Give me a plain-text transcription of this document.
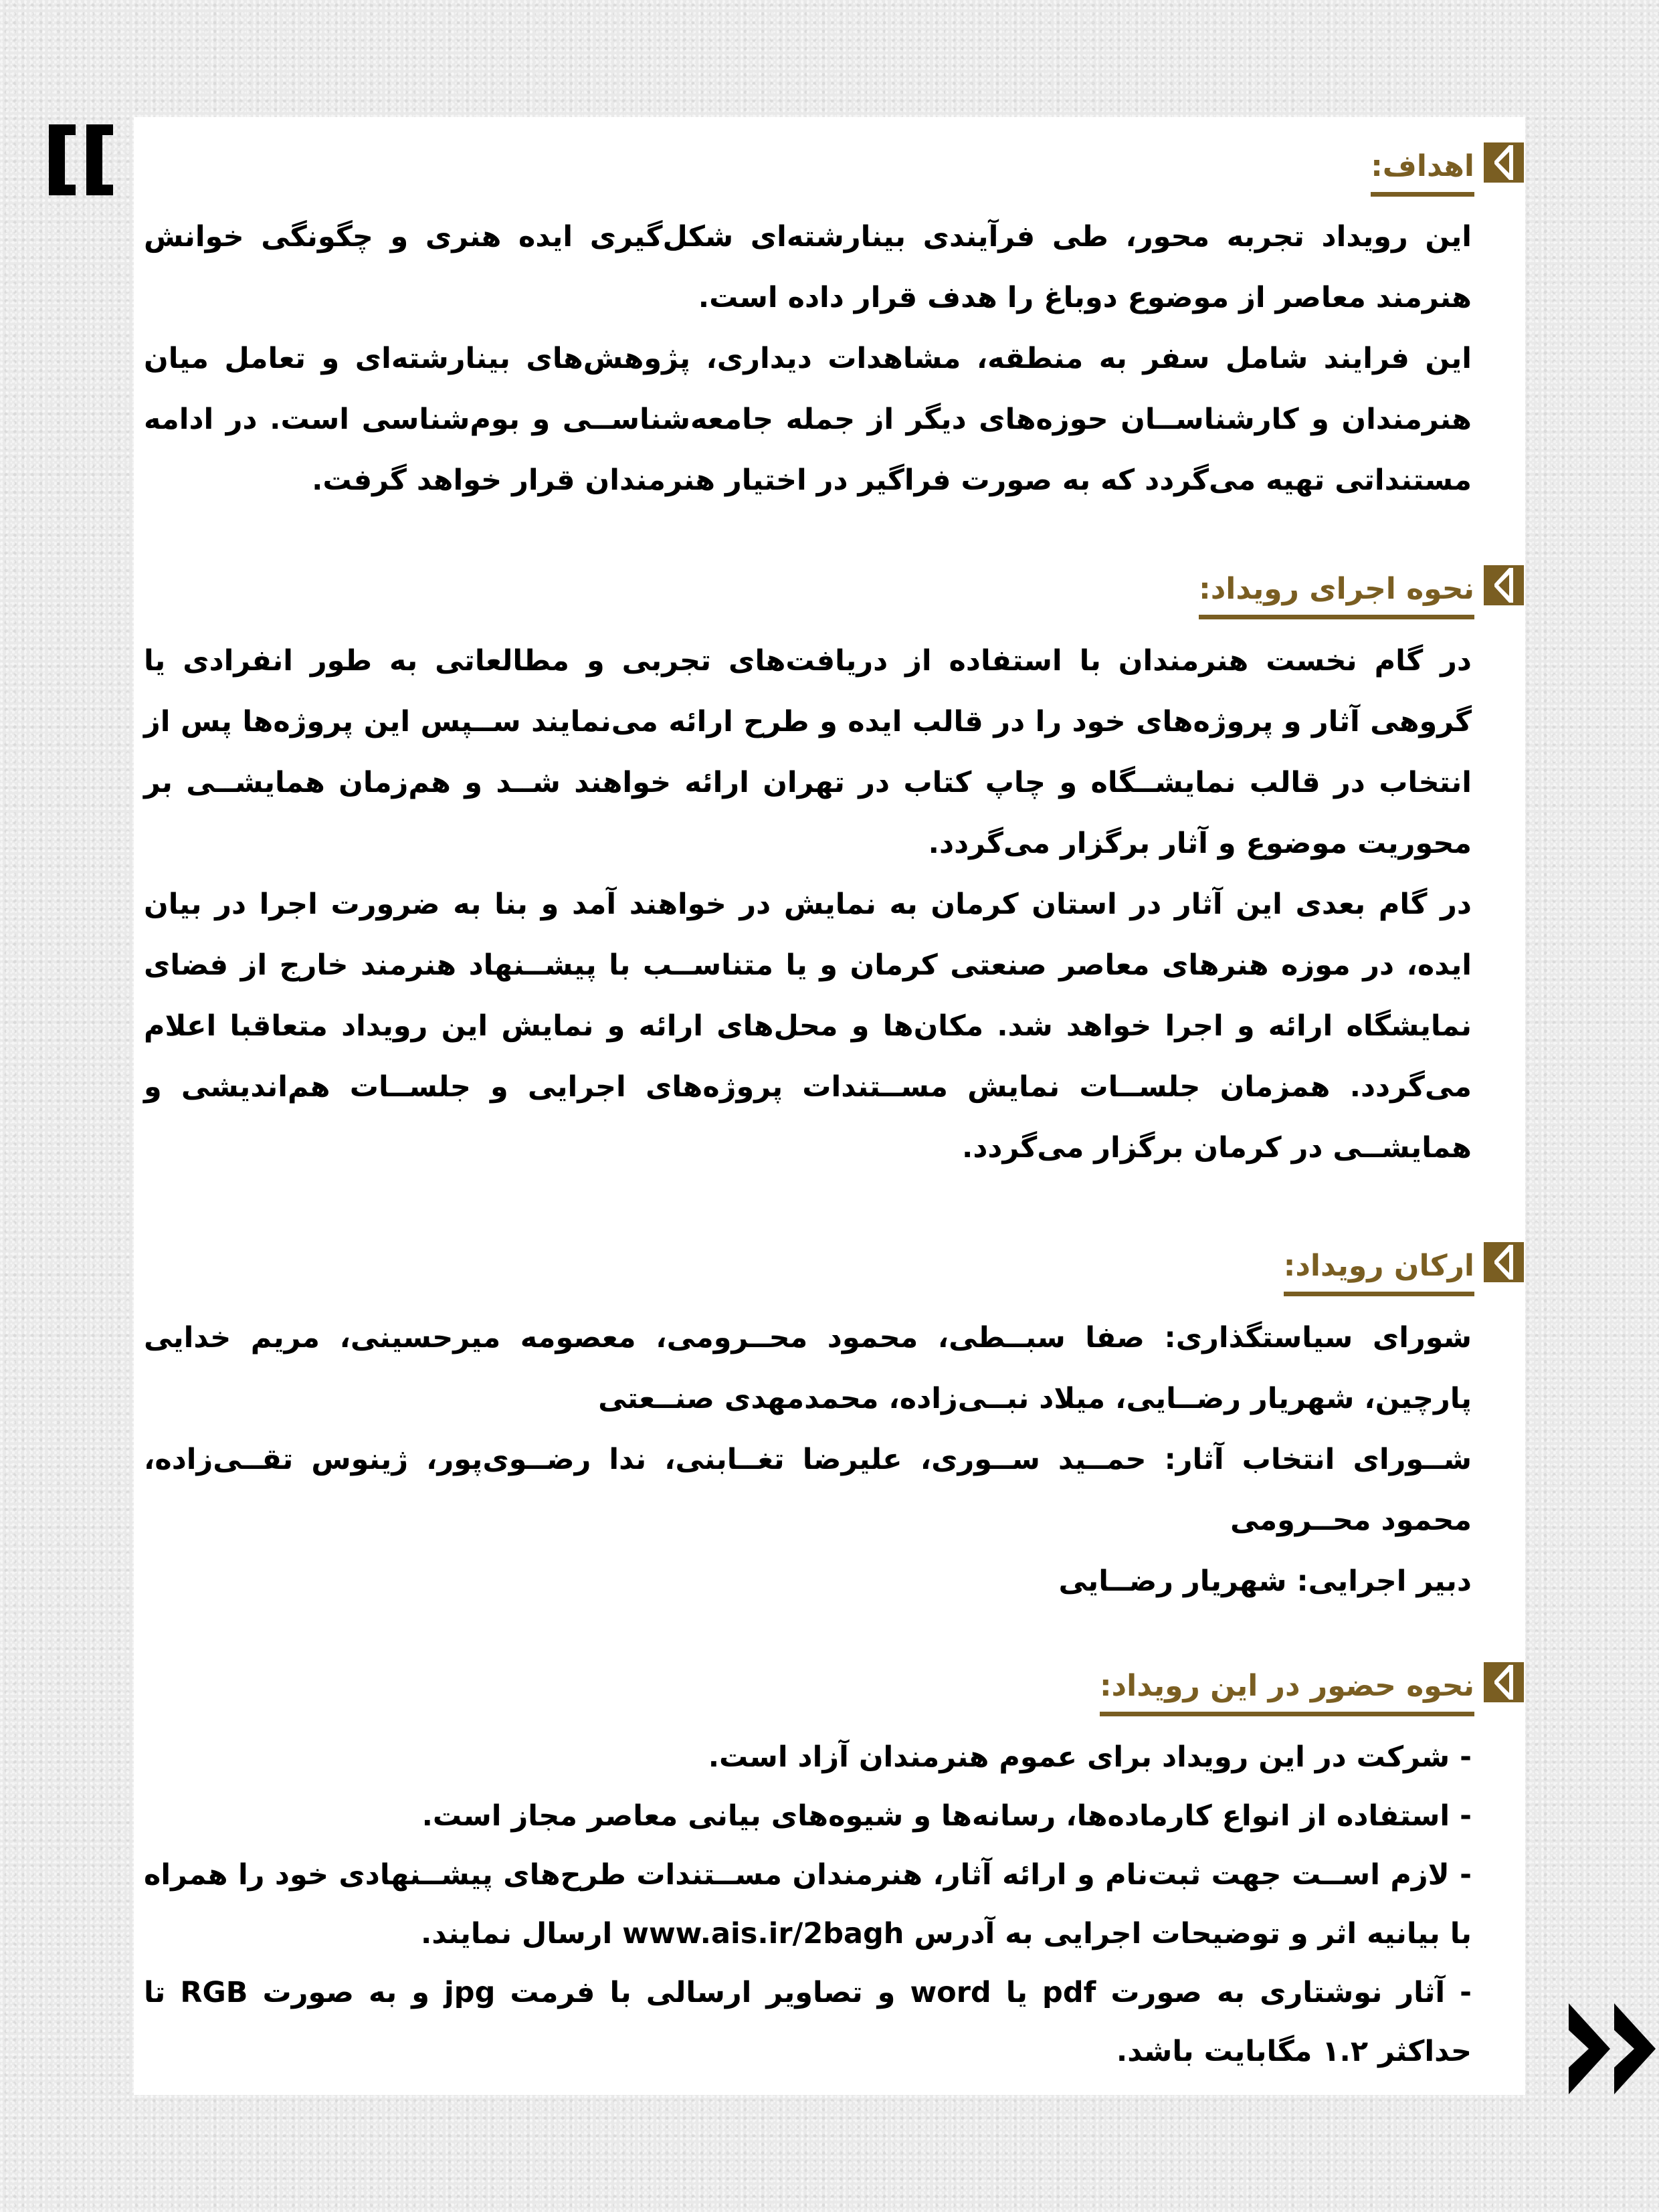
اهداف:

این رویداد تجربه محور، طی فرآیندی بینارشته‌ای شکل‌گیری ایده هنری و چگونگی خوانش هنرمند معاصر از موضوع دوباغ را هدف قرار داده است.

این فرایند شامل سفر به منطقه، مشاهدات دیداری، پژوهش‌های بینارشته‌ای و تعامل میان هنرمندان و کارشناســان حوزه‌های دیگر از جمله جامعه‌شناســی و بوم‌شناسی است. در ادامه مستنداتی تهیه می‌گردد که به صورت فراگیر در اختیار هنرمندان قرار خواهد گرفت.

نحوه اجرای رویداد:

در گام نخست هنرمندان با استفاده از دریافت‌های تجربی و مطالعاتی به طور انفرادی یا گروهی آثار و پروژه‌های خود را در قالب ایده و طرح ارائه می‌نمایند ســپس این پروژه‌ها پس از انتخاب در قالب نمایشــگاه و چاپ کتاب در تهران ارائه خواهند شــد و هم‌زمان همایشــی بر محوریت موضوع و آثار برگزار می‌گردد.

در گام بعدی این آثار در استان کرمان به نمایش در خواهند آمد و بنا به ضرورت اجرا در بیان ایده، در موزه هنرهای معاصر صنعتی کرمان و یا متناســب با پیشــنهاد هنرمند خارج از فضای نمایشگاه ارائه و اجرا خواهد شد. مکان‌ها و محل‌های ارائه و نمایش این رویداد متعاقبا اعلام می‌گردد. همزمان جلســات نمایش مســتندات پروژه‌های اجرایی و جلســات هم‌اندیشی و همایشــی در کرمان برگزار می‌گردد.

ارکان رویداد:

شورای سیاستگذاری: صفا سبــطی، محمود محــرومی، معصومه میرحسینی، مریم خدایی پارچین، شهریار رضــایی، میلاد نبــی‌زاده، محمدمهدی صنــعتی

شــورای انتخاب آثار: حمــید ســوری، علیرضا تغــابنی، ندا رضــوی‌پور، ژینوس تقــی‌زاده، محمود محــرومی

دبیر اجرایی: شهریار رضــایی

نحوه حضور در این رویداد:

- شرکت در این رویداد برای عموم هنرمندان آزاد است.

- استفاده از انواع کارماده‌ها، رسانه‌ها و شیوه‌های بیانی معاصر مجاز است.

- لازم اســت جهت ثبت‌نام و ارائه آثار، هنرمندان مســتندات طرح‌های پیشــنهادی خود را همراه با بیانیه اثر و توضیحات اجرایی به آدرس www.ais.ir/2bagh ارسال نمایند.

- آثار نوشتاری به صورت pdf یا word و تصاویر ارسالی با فرمت jpg و به صورت RGB تا حداکثر ۱.۲ مگابایت باشد.
